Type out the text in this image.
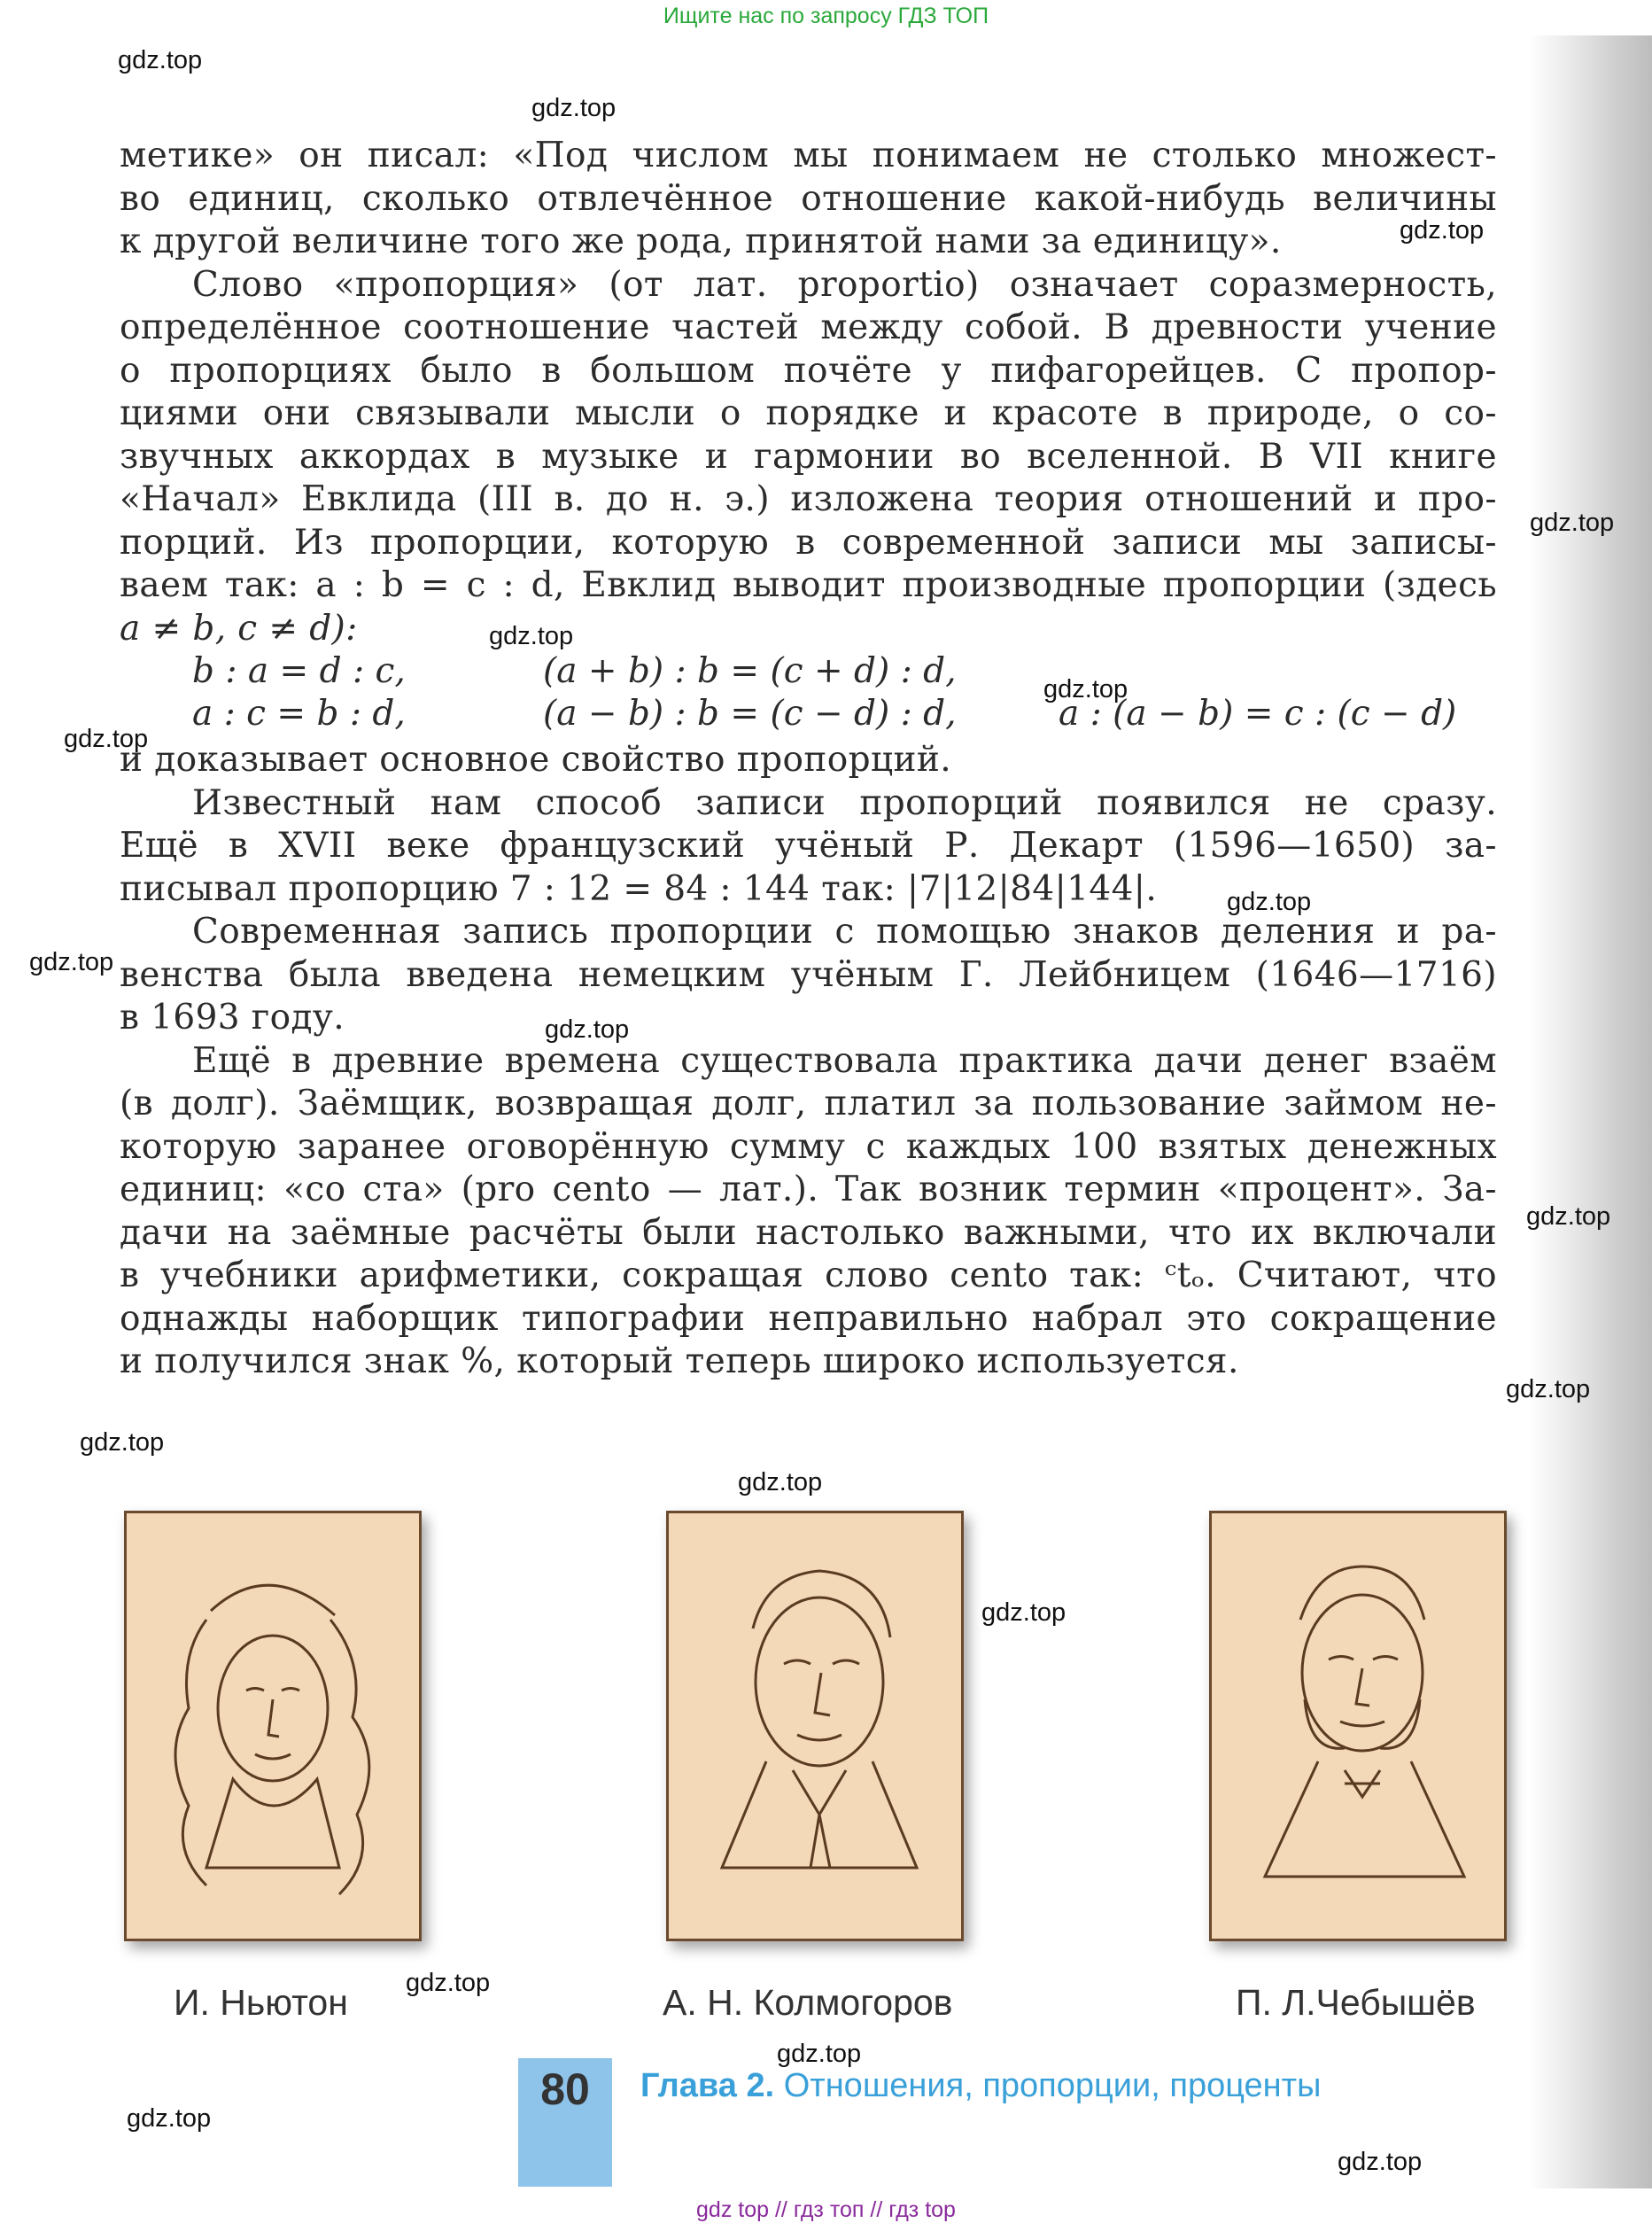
Ищите нас по запросу ГДЗ ТОП
gdz.top
gdz.top
gdz.top
gdz.top
gdz.top
gdz.top
gdz.top
gdz.top
gdz.top
gdz.top
gdz.top
gdz.top
gdz.top
gdz.top
gdz.top
gdz.top
gdz.top
gdz.top
gdz.top
метике» он писал: «Под числом мы понимаем не столько множест-
во единиц, сколько отвлечённое отношение какой-нибудь величины
к другой величине того же рода, принятой нами за единицу».
Слово «пропорция» (от лат. proportio) означает соразмерность,
определённое соотношение частей между собой. В древности учение
о пропорциях было в большом почёте у пифагорейцев. С пропор-
циями они связывали мысли о порядке и красоте в природе, о со-
звучных аккордах в музыке и гармонии во вселенной. В VII книге
«Начал» Евклида (III в. до н. э.) изложена теория отношений и про-
порций. Из пропорции, которую в современной записи мы записы-
ваем так: a : b = c : d, Евклид выводит производные пропорции (здесь
a ≠ b, c ≠ d):
b : a = d : c,
a : c = b : d,
(a + b) : b = (c + d) : d,
(a − b) : b = (c − d) : d,	a : (a − b) = c : (c − d)
и доказывает основное свойство пропорций.
Известный нам способ записи пропорций появился не сразу.
Ещё в XVII веке французский учёный Р. Декарт (1596—1650) за-
писывал пропорцию 7 : 12 = 84 : 144 так: |7|12|84|144|.
Современная запись пропорции с помощью знаков деления и ра-
венства была введена немецким учёным Г. Лейбницем (1646—1716)
в 1693 году.
Ещё в древние времена существовала практика дачи денег взаём
(в долг). Заёмщик, возвращая долг, платил за пользование займом не-
которую заранее оговорённую сумму с каждых 100 взятых денежных
единиц: «со ста» (pro cento — лат.). Так возник термин «процент». За-
дачи на заёмные расчёты были настолько важными, что их включали
в учебники арифметики, сокращая слово cento так: ᶜtₒ. Считают, что
однажды наборщик типографии неправильно набрал это сокращение
и получился знак %, который теперь широко используется.
И. Ньютон	А. Н. Колмогоров	П. Л.Чебышёв
80	Глава 2. Отношения, пропорции, проценты
gdz top // гдз топ // гдз top
